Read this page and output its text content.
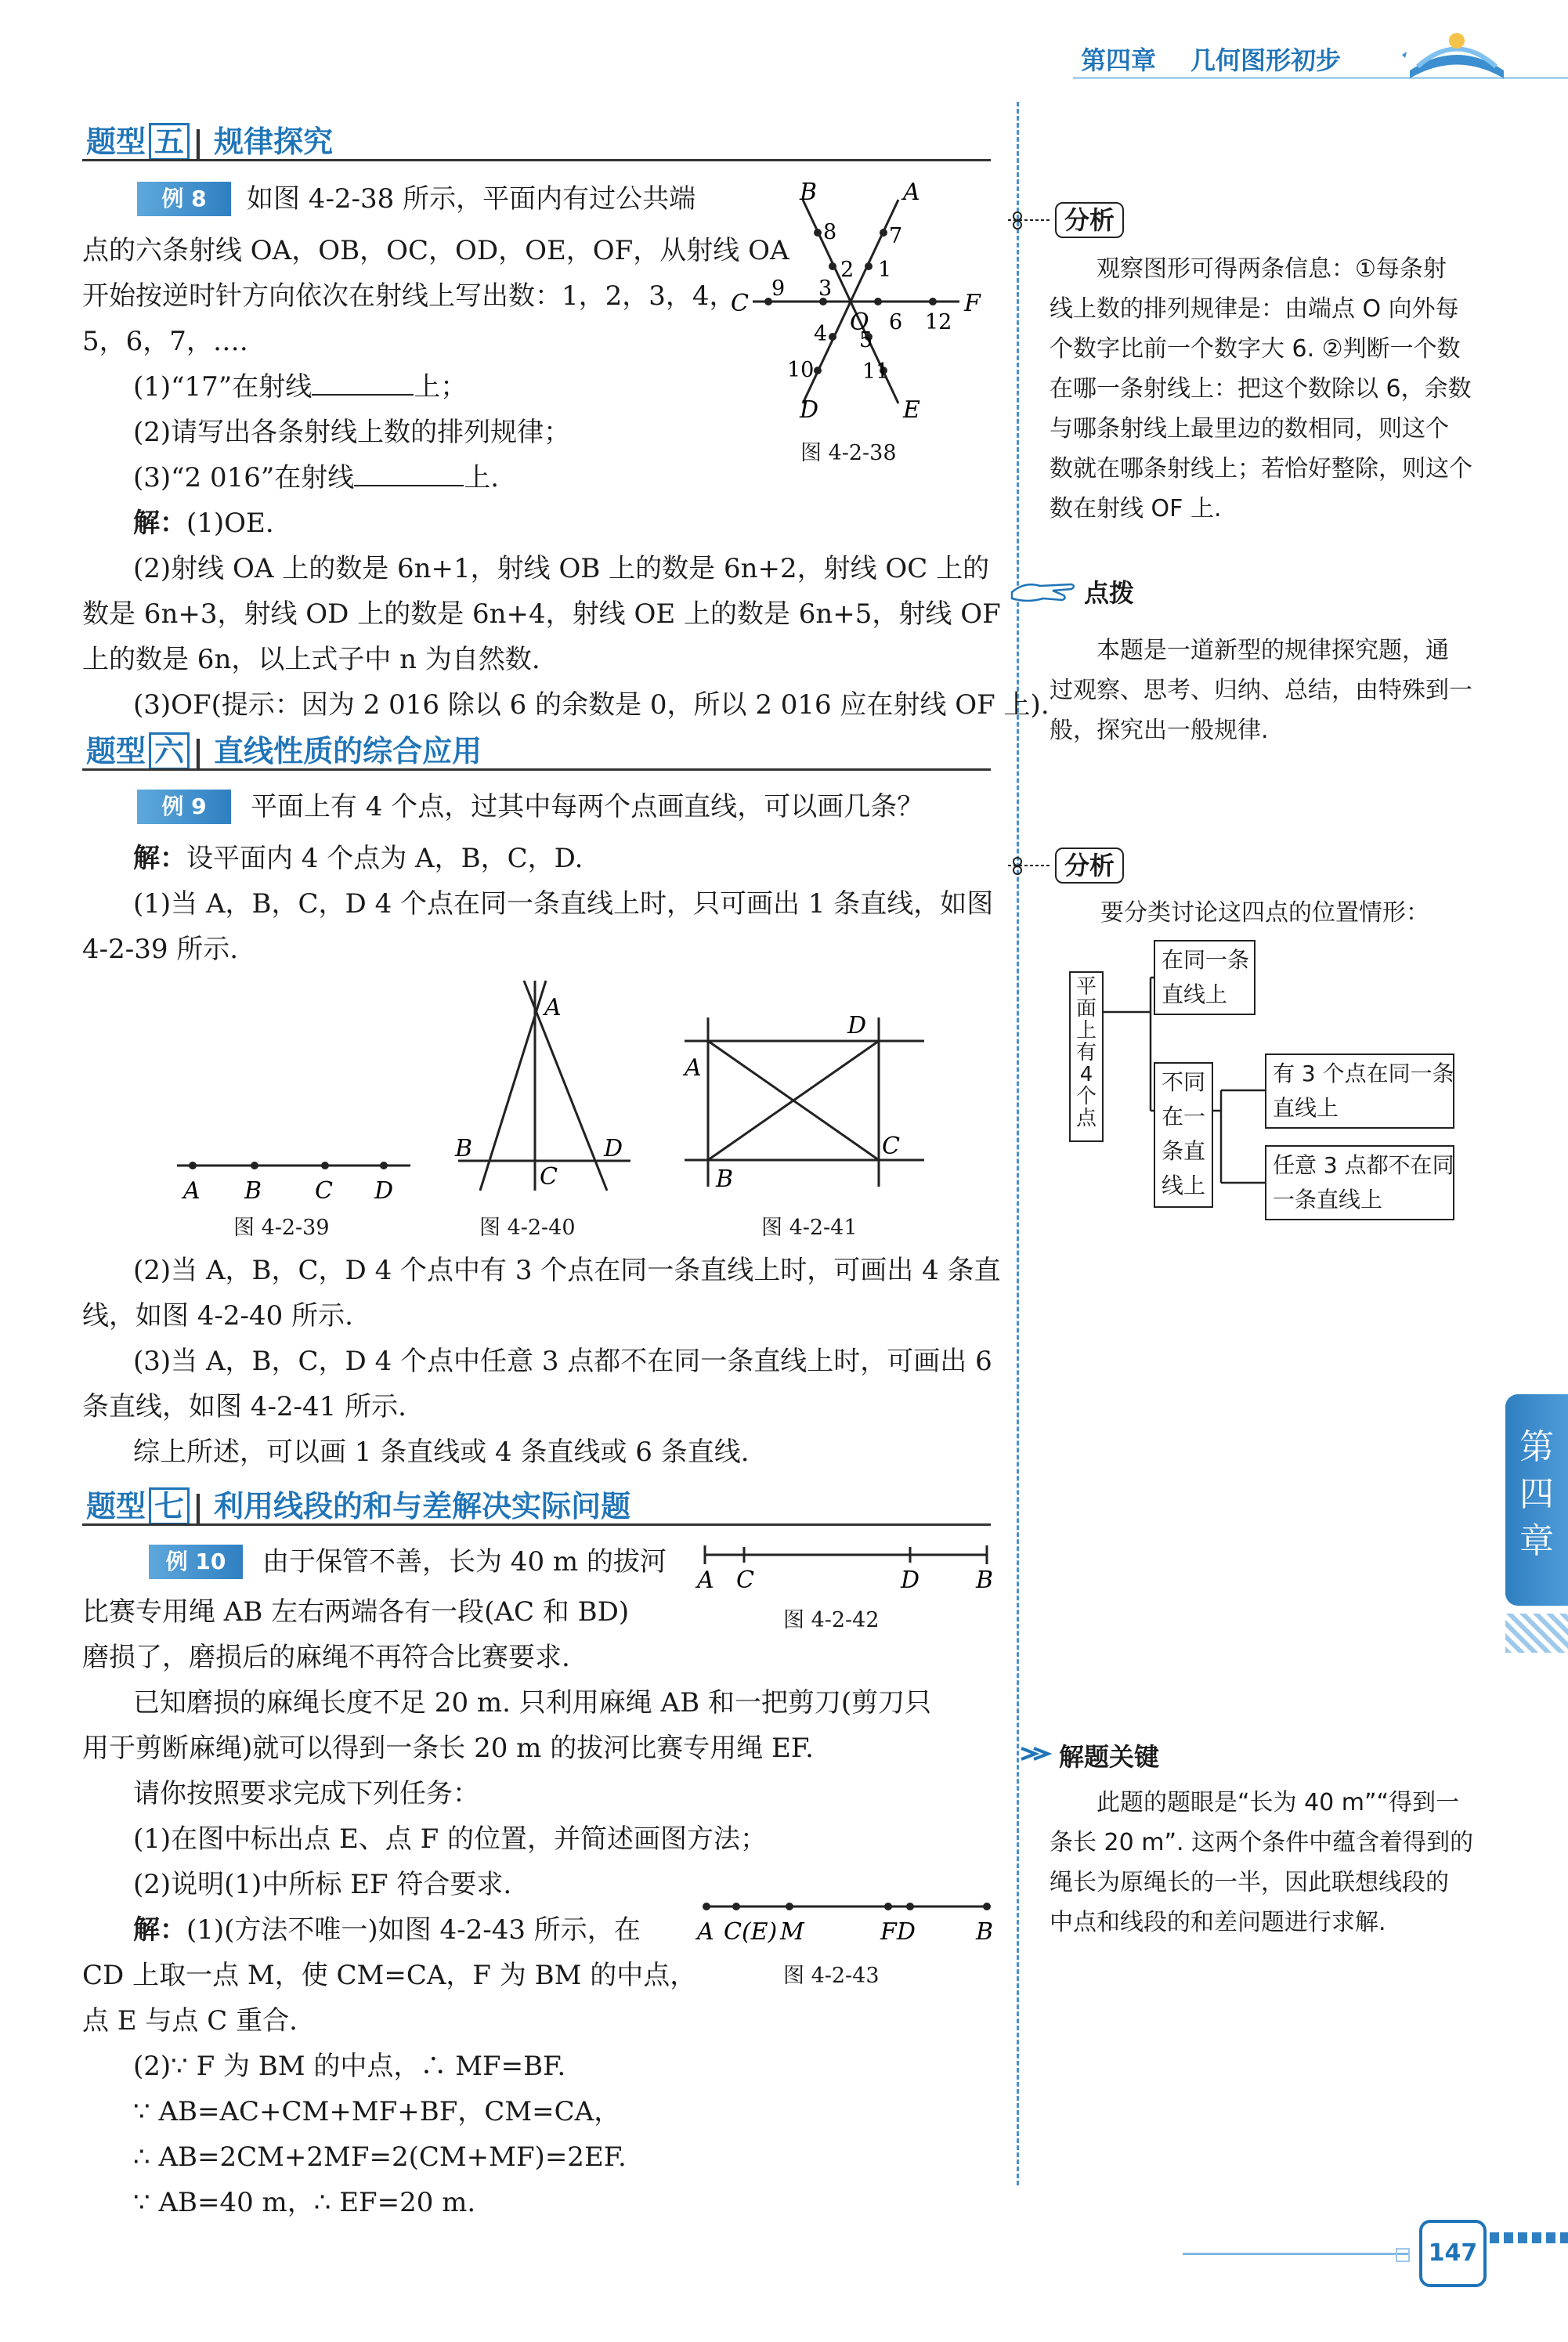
第四章 几何图形初步
题型 五 | 规律探究
例 8	如图 4-2-38 所示，平面内有过公共端
点的六条射线 OA，OB，OC，OD，OE，OF，从射线 OA
开始按逆时针方向依次在射线上写出数：1，2，3，4，
5，6，7，….
(1)“17”在射线	上；
(2)请写出各条射线上数的排列规律；
(3)“2 016”在射线	上.
解：(1)OE.
(2)射线 OA 上的数是 6n+1，射线 OB 上的数是 6n+2，射线 OC 上的
数是 6n+3，射线 OD 上的数是 6n+4，射线 OE 上的数是 6n+5，射线 OF
上的数是 6n，以上式子中 n 为自然数.
(3)OF(提示：因为 2 016 除以 6 的余数是 0，所以 2 016 应在射线 OF 上).
B	A
C	F
D	E
O
1
2
3
4 5
6
7
8
9
10 11
12
图 4-2-38
题型 六 | 直线性质的综合应用
例 9	平面上有 4 个点，过其中每两个点画直线，可以画几条？
解：设平面内 4 个点为 A，B，C，D.
(1)当 A，B，C，D 4 个点在同一条直线上时，只可画出 1 条直线，如图
4-2-39 所示.
A B C D
图 4-2-39
A
B
C
D
图 4-2-40
A
D
B
C
图 4-2-41
(2)当 A，B，C，D 4 个点中有 3 个点在同一条直线上时，可画出 4 条直
线，如图 4-2-40 所示.
(3)当 A，B，C，D 4 个点中任意 3 点都不在同一条直线上时，可画出 6
条直线，如图 4-2-41 所示.
综上所述，可以画 1 条直线或 4 条直线或 6 条直线.
题型 七 | 利用线段的和与差解决实际问题
例 10	由于保管不善，长为 40 m 的拔河
比赛专用绳 AB 左右两端各有一段(AC 和 BD)
磨损了，磨损后的麻绳不再符合比赛要求.
已知磨损的麻绳长度不足 20 m. 只利用麻绳 AB 和一把剪刀(剪刀只
用于剪断麻绳)就可以得到一条长 20 m 的拔河比赛专用绳 EF.
请你按照要求完成下列任务：
(1)在图中标出点 E、点 F 的位置，并简述画图方法；
(2)说明(1)中所标 EF 符合要求.
解：(1)(方法不唯一)如图 4-2-43 所示，在
CD 上取一点 M，使 CM=CA，F 为 BM 的中点，
点 E 与点 C 重合.
(2)∵ F 为 BM 的中点，∴ MF=BF.
∵ AB=AC+CM+MF+BF，CM=CA，
∴ AB=2CM+2MF=2(CM+MF)=2EF.
∵ AB=40 m，∴ EF=20 m.
A C	D B
图 4-2-42
A C(E) M	FD	B
图 4-2-43
分析
观察图形可得两条信息：①每条射
线上数的排列规律是：由端点 O 向外每
个数字比前一个数字大 6. ②判断一个数
在哪一条射线上：把这个数除以 6，余数
与哪条射线上最里边的数相同，则这个
数就在哪条射线上；若恰好整除，则这个
数在射线 OF 上.
点拨
本题是一道新型的规律探究题，通
过观察、思考、归纳、总结，由特殊到一
般，探究出一般规律.
分析
要分类讨论这四点的位置情形：
平
面
上
有
4
个
点
在同一条
直线上
不同
在一
条直
线上
有 3 个点在同一条
直线上
任意 3 点都不在同
一条直线上
解题关键
此题的题眼是“长为 40 m”“得到一
条长 20 m”. 这两个条件中蕴含着得到的
绳长为原绳长的一半，因此联想线段的
中点和线段的和差问题进行求解.
第
四
章
147
